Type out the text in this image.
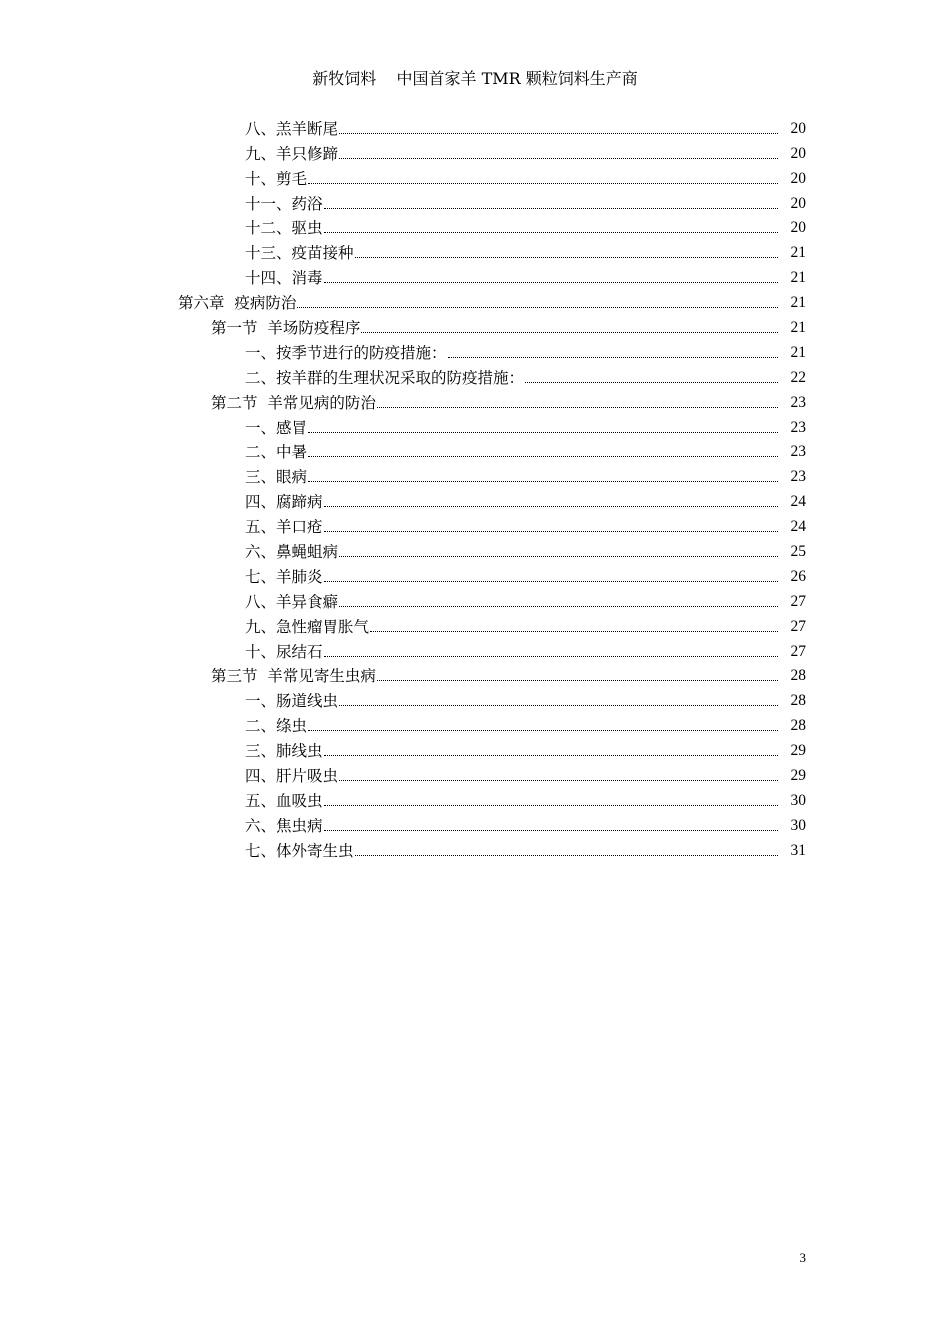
新牧饲料    中国首家羊 TMR 颗粒饲料生产商
八、羔羊断尾	20
九、羊只修蹄	20
十、剪毛	20
十一、药浴	20
十二、驱虫	20
十三、疫苗接种	21
十四、消毒	21
第六章  疫病防治	21
第一节  羊场防疫程序	21
一、按季节进行的防疫措施：	21
二、按羊群的生理状况采取的防疫措施：	22
第二节  羊常见病的防治	23
一、感冒	23
二、中暑	23
三、眼病	23
四、腐蹄病	24
五、羊口疮	24
六、鼻蝇蛆病	25
七、羊肺炎	26
八、羊异食癖	27
九、急性瘤胃胀气	27
十、尿结石	27
第三节  羊常见寄生虫病	28
一、肠道线虫	28
二、绦虫	28
三、肺线虫	29
四、肝片吸虫	29
五、血吸虫	30
六、焦虫病	30
七、体外寄生虫	31
3
